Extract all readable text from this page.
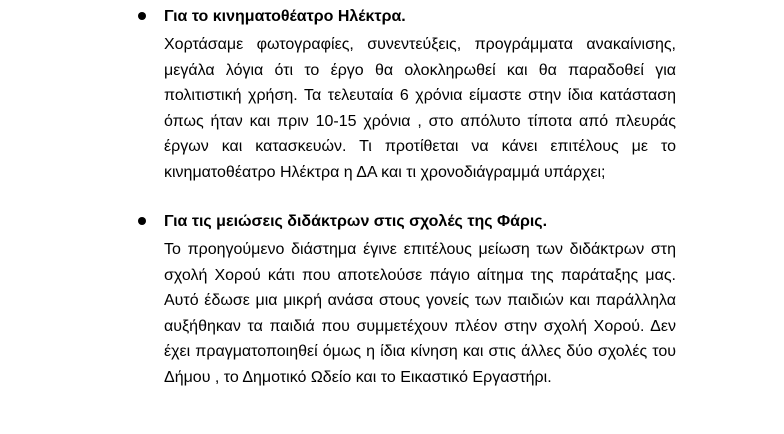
Για το κινηματοθέατρο Ηλέκτρα.
Χορτάσαμε φωτογραφίες, συνεντεύξεις, προγράμματα ανακαίνισης, μεγάλα λόγια ότι το έργο θα ολοκληρωθεί και θα παραδοθεί για πολιτιστική χρήση. Τα τελευταία 6 χρόνια είμαστε στην ίδια κατάσταση όπως ήταν και πριν 10-15 χρόνια , στο απόλυτο τίποτα από πλευράς έργων και κατασκευών. Τι προτίθεται να κάνει επιτέλους με το κινηματοθέατρο Ηλέκτρα η ΔΑ και τι χρονοδιάγραμμά υπάρχει;
Για τις μειώσεις διδάκτρων στις σχολές της Φάρις.
Το προηγούμενο διάστημα έγινε επιτέλους μείωση των διδάκτρων στη σχολή Χορού κάτι που αποτελούσε πάγιο αίτημα της παράταξης μας. Αυτό έδωσε μια μικρή ανάσα στους γονείς των παιδιών και παράλληλα αυξήθηκαν τα παιδιά που συμμετέχουν πλέον στην σχολή Χορού. Δεν έχει πραγματοποιηθεί όμως η ίδια κίνηση και στις άλλες δύο σχολές του Δήμου , το Δημοτικό Ωδείο και το Εικαστικό Εργαστήρι.
